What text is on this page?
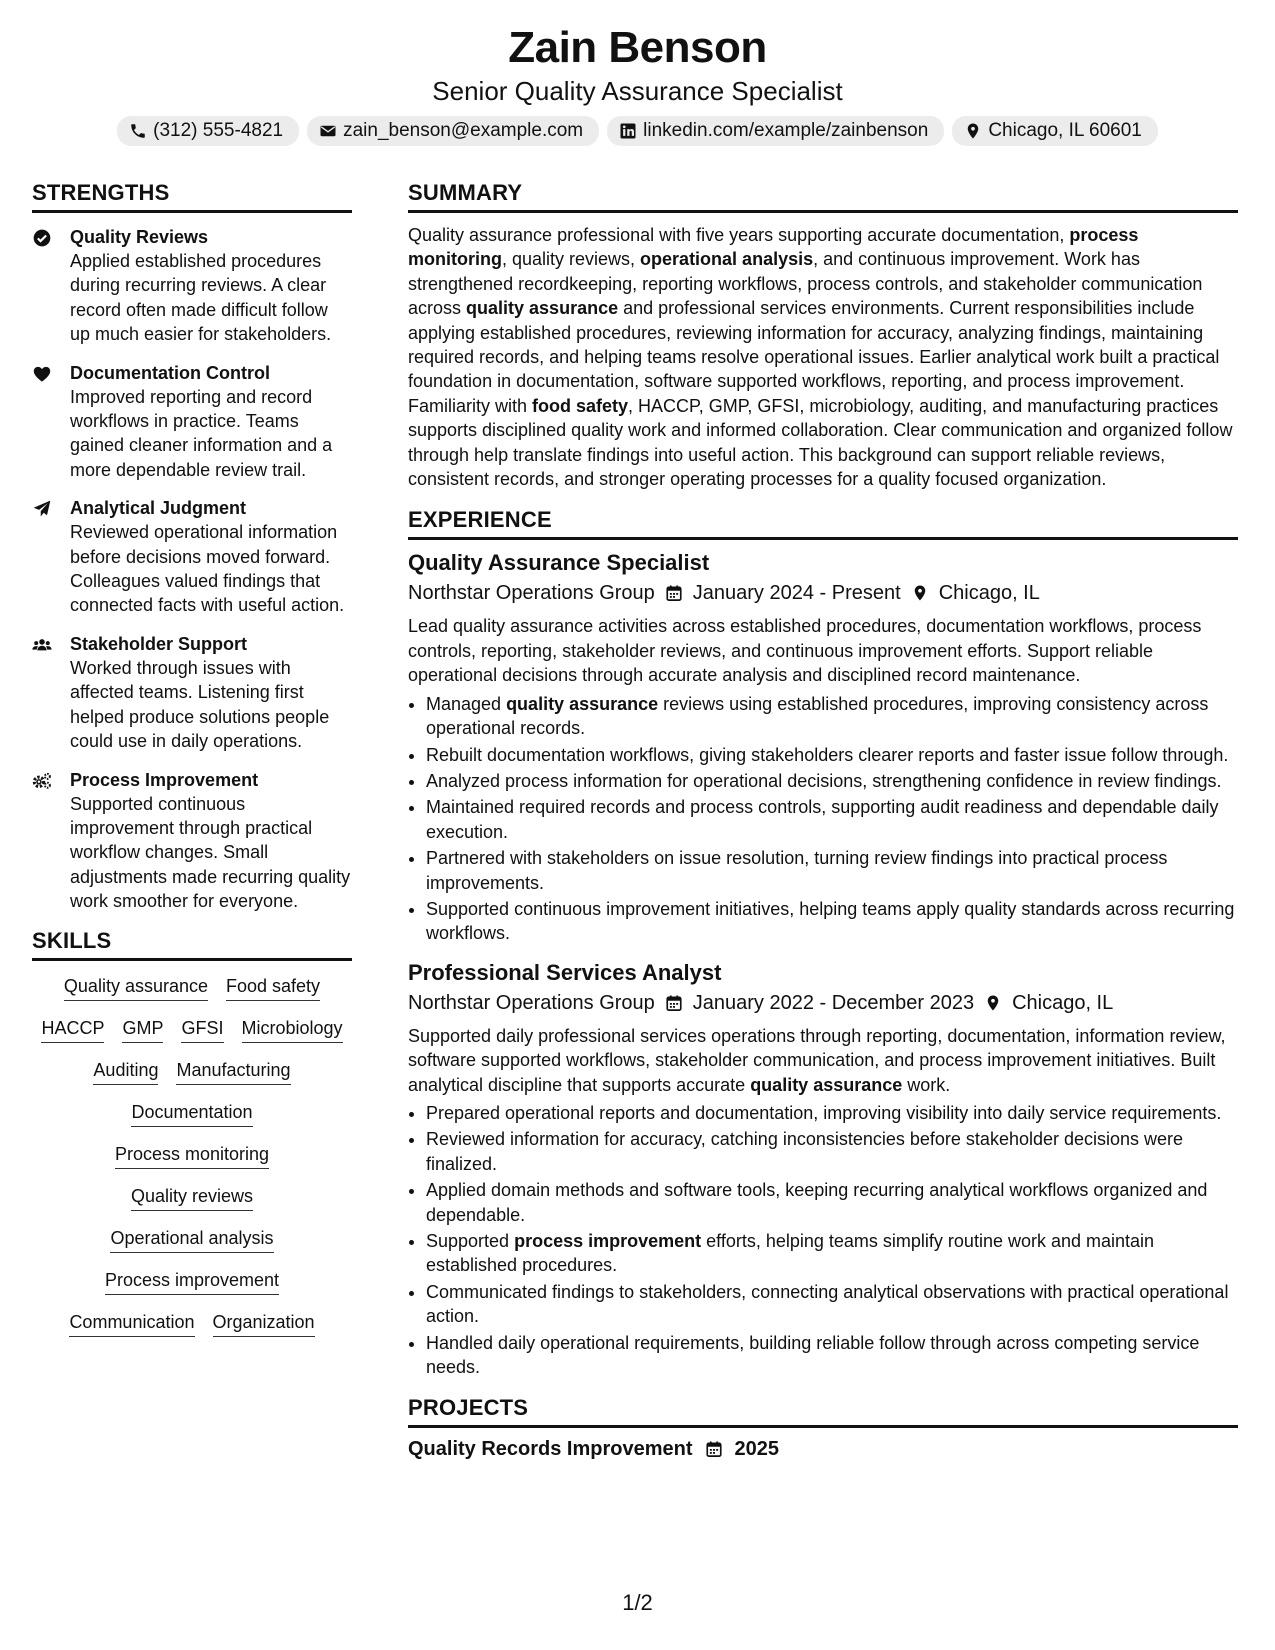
Zain Benson
Senior Quality Assurance Specialist
(312) 555-4821	zain_benson@example.com	linkedin.com/example/zainbenson	Chicago, IL 60601
STRENGTHS
Quality Reviews
Applied established procedures during recurring reviews. A clear record often made difficult follow up much easier for stakeholders.
Documentation Control
Improved reporting and record workflows in practice. Teams gained cleaner information and a more dependable review trail.
Analytical Judgment
Reviewed operational information before decisions moved forward. Colleagues valued findings that connected facts with useful action.
Stakeholder Support
Worked through issues with affected teams. Listening first helped produce solutions people could use in daily operations.
Process Improvement
Supported continuous improvement through practical workflow changes. Small adjustments made recurring quality work smoother for everyone.
SKILLS
Quality assurance Food safety
HACCP GMP GFSI Microbiology
Auditing Manufacturing
Documentation
Process monitoring
Quality reviews
Operational analysis
Process improvement
Communication Organization
SUMMARY
Quality assurance professional with five years supporting accurate documentation, process monitoring, quality reviews, operational analysis, and continuous improvement. Work has strengthened recordkeeping, reporting workflows, process controls, and stakeholder communication across quality assurance and professional services environments. Current responsibilities include applying established procedures, reviewing information for accuracy, analyzing findings, maintaining required records, and helping teams resolve operational issues. Earlier analytical work built a practical foundation in documentation, software supported workflows, reporting, and process improvement. Familiarity with food safety, HACCP, GMP, GFSI, microbiology, auditing, and manufacturing practices supports disciplined quality work and informed collaboration. Clear communication and organized follow through help translate findings into useful action. This background can support reliable reviews, consistent records, and stronger operating processes for a quality focused organization.
EXPERIENCE
Quality Assurance Specialist
Northstar Operations Group January 2024 - Present Chicago, IL
Lead quality assurance activities across established procedures, documentation workflows, process controls, reporting, stakeholder reviews, and continuous improvement efforts. Support reliable operational decisions through accurate analysis and disciplined record maintenance.
• Managed quality assurance reviews using established procedures, improving consistency across operational records.
• Rebuilt documentation workflows, giving stakeholders clearer reports and faster issue follow through.
• Analyzed process information for operational decisions, strengthening confidence in review findings.
• Maintained required records and process controls, supporting audit readiness and dependable daily execution.
• Partnered with stakeholders on issue resolution, turning review findings into practical process improvements.
• Supported continuous improvement initiatives, helping teams apply quality standards across recurring workflows.
Professional Services Analyst
Northstar Operations Group January 2022 - December 2023 Chicago, IL
Supported daily professional services operations through reporting, documentation, information review, software supported workflows, stakeholder communication, and process improvement initiatives. Built analytical discipline that supports accurate quality assurance work.
• Prepared operational reports and documentation, improving visibility into daily service requirements.
• Reviewed information for accuracy, catching inconsistencies before stakeholder decisions were finalized.
• Applied domain methods and software tools, keeping recurring analytical workflows organized and dependable.
• Supported process improvement efforts, helping teams simplify routine work and maintain established procedures.
• Communicated findings to stakeholders, connecting analytical observations with practical operational action.
• Handled daily operational requirements, building reliable follow through across competing service needs.
PROJECTS
Quality Records Improvement 2025
1/2
